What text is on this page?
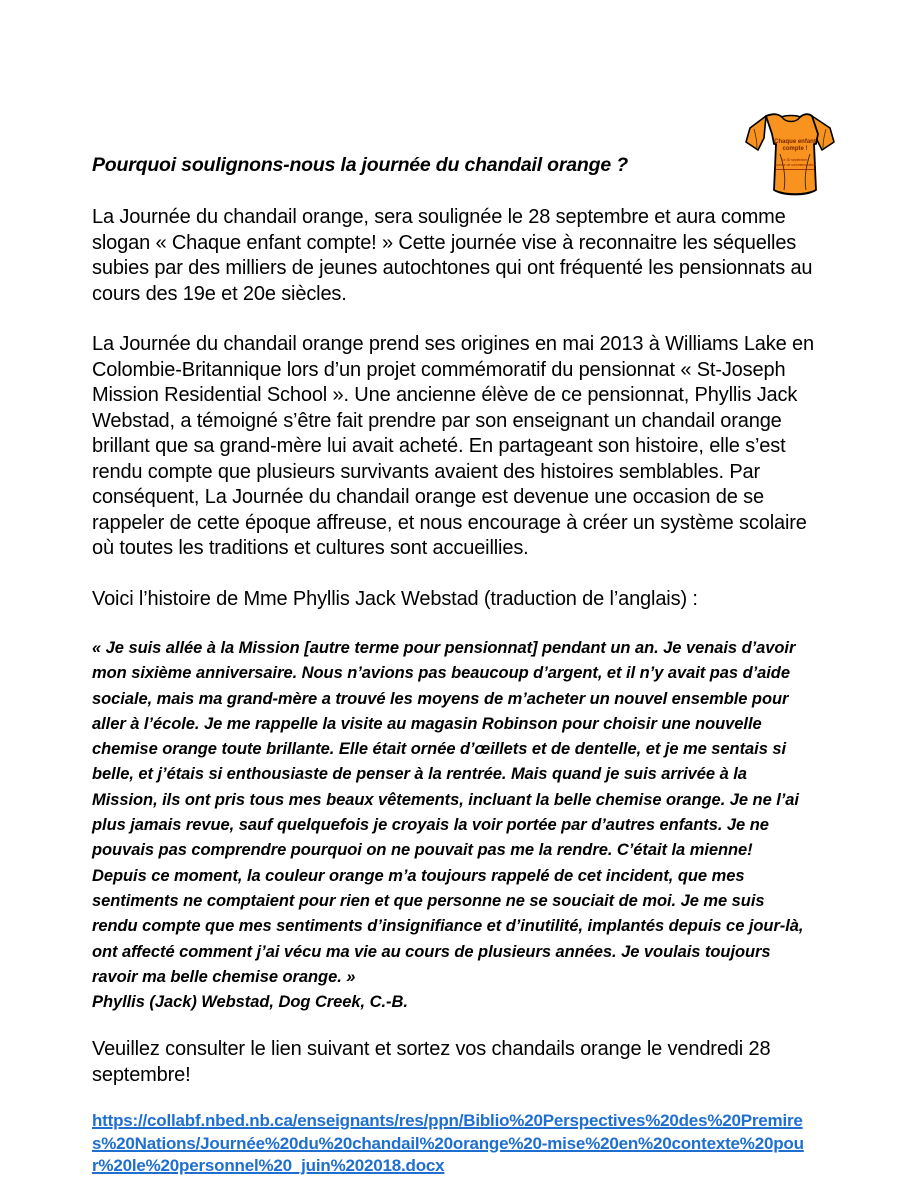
Chaque enfant
compte !
Le 30 septembre,
journée de commémoration
Pourquoi soulignons-nous la journée du chandail orange ?

La Journée du chandail orange, sera soulignée le 28 septembre et aura comme slogan « Chaque enfant compte! » Cette journée vise à reconnaitre les séquelles subies par des milliers de jeunes autochtones qui ont fréquenté les pensionnats au cours des 19e et 20e siècles.

La Journée du chandail orange prend ses origines en mai 2013 à Williams Lake en Colombie-Britannique lors d’un projet commémoratif du pensionnat « St-Joseph Mission Residential School ». Une ancienne élève de ce pensionnat, Phyllis Jack Webstad, a témoigné s’être fait prendre par son enseignant un chandail orange brillant que sa grand-mère lui avait acheté. En partageant son histoire, elle s’est rendu compte que plusieurs survivants avaient des histoires semblables. Par conséquent, La Journée du chandail orange est devenue une occasion de se rappeler de cette époque affreuse, et nous encourage à créer un système scolaire où toutes les traditions et cultures sont accueillies.

Voici l’histoire de Mme Phyllis Jack Webstad (traduction de l’anglais) :

« Je suis allée à la Mission [autre terme pour pensionnat] pendant un an. Je venais d’avoir mon sixième anniversaire. Nous n’avions pas beaucoup d’argent, et il n’y avait pas d’aide sociale, mais ma grand-mère a trouvé les moyens de m’acheter un nouvel ensemble pour aller à l’école. Je me rappelle la visite au magasin Robinson pour choisir une nouvelle chemise orange toute brillante. Elle était ornée d’œillets et de dentelle, et je me sentais si belle, et j’étais si enthousiaste de penser à la rentrée. Mais quand je suis arrivée à la Mission, ils ont pris tous mes beaux vêtements, incluant la belle chemise orange. Je ne l’ai plus jamais revue, sauf quelquefois je croyais la voir portée par d’autres enfants. Je ne pouvais pas comprendre pourquoi on ne pouvait pas me la rendre. C’était la mienne! Depuis ce moment, la couleur orange m’a toujours rappelé de cet incident, que mes sentiments ne comptaient pour rien et que personne ne se souciait de moi. Je me suis rendu compte que mes sentiments d’insignifiance et d’inutilité, implantés depuis ce jour-là, ont affecté comment j’ai vécu ma vie au cours de plusieurs années. Je voulais toujours ravoir ma belle chemise orange. »

Phyllis (Jack) Webstad, Dog Creek, C.-B.

Veuillez consulter le lien suivant et sortez vos chandails orange le vendredi 28 septembre!

https://collabf.nbed.nb.ca/enseignants/res/ppn/Biblio%20Perspectives%20des%20Premires%20Nations/Journée%20du%20chandail%20orange%20-mise%20en%20contexte%20pour%20le%20personnel%20_juin%202018.docx
